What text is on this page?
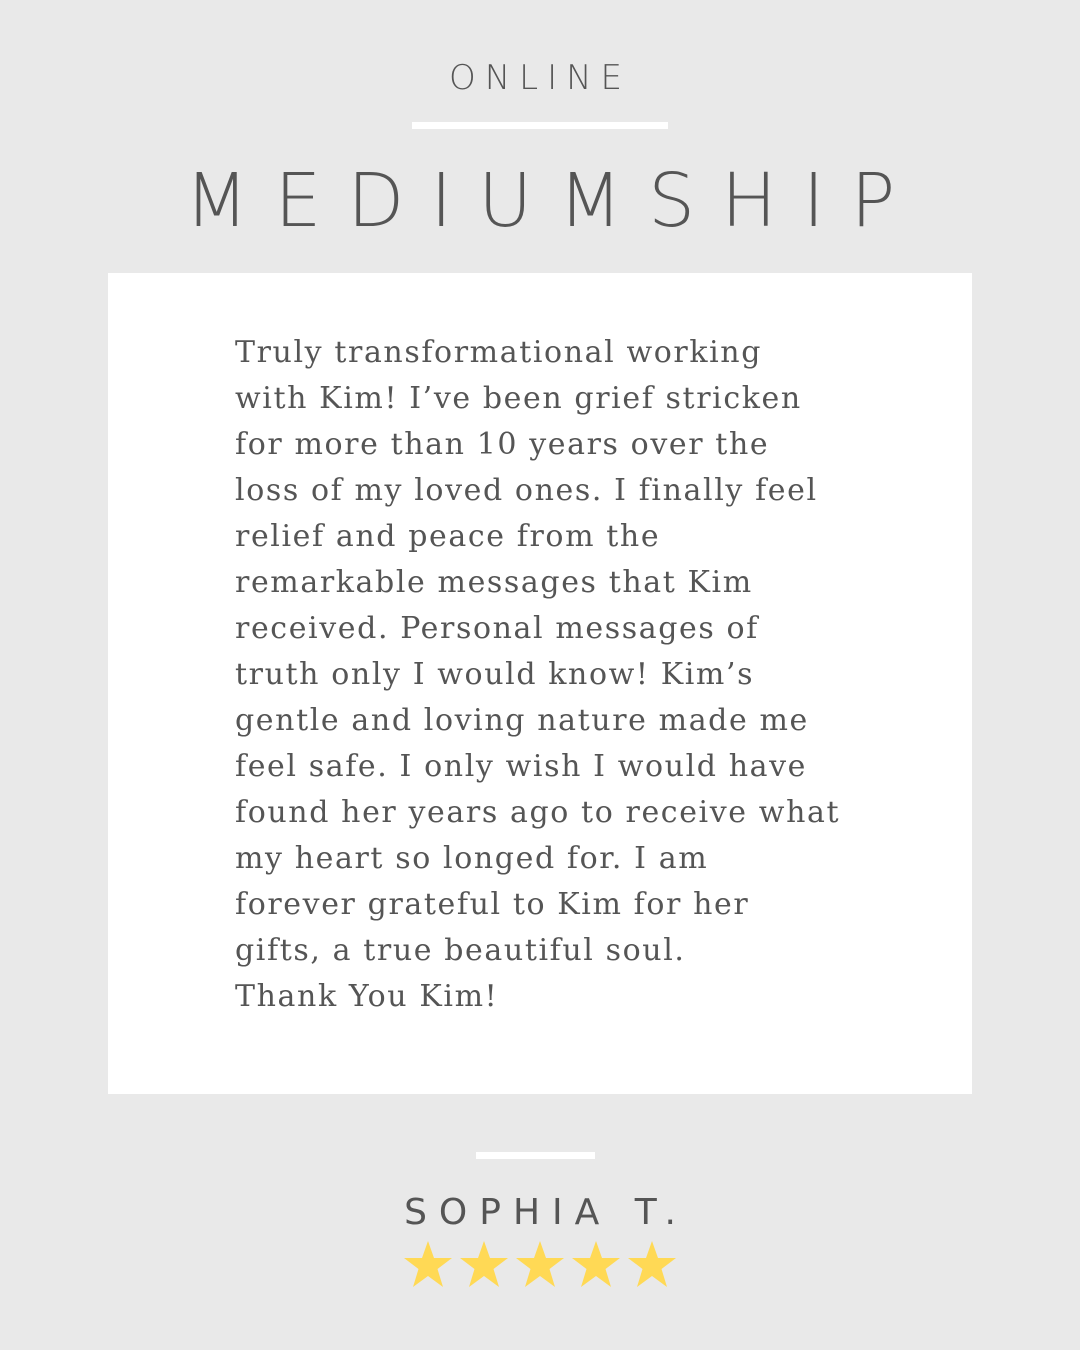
ONLINE
MEDIUMSHIP
Truly transformational working
with Kim! I’ve been grief stricken
for more than 10 years over the
loss of my loved ones. I finally feel
relief and peace from the
remarkable messages that Kim
received. Personal messages of
truth only I would know! Kim’s
gentle and loving nature made me
feel safe. I only wish I would have
found her years ago to receive what
my heart so longed for. I am
forever grateful to Kim for her
gifts, a true beautiful soul.
Thank You Kim!
SOPHIA T.
